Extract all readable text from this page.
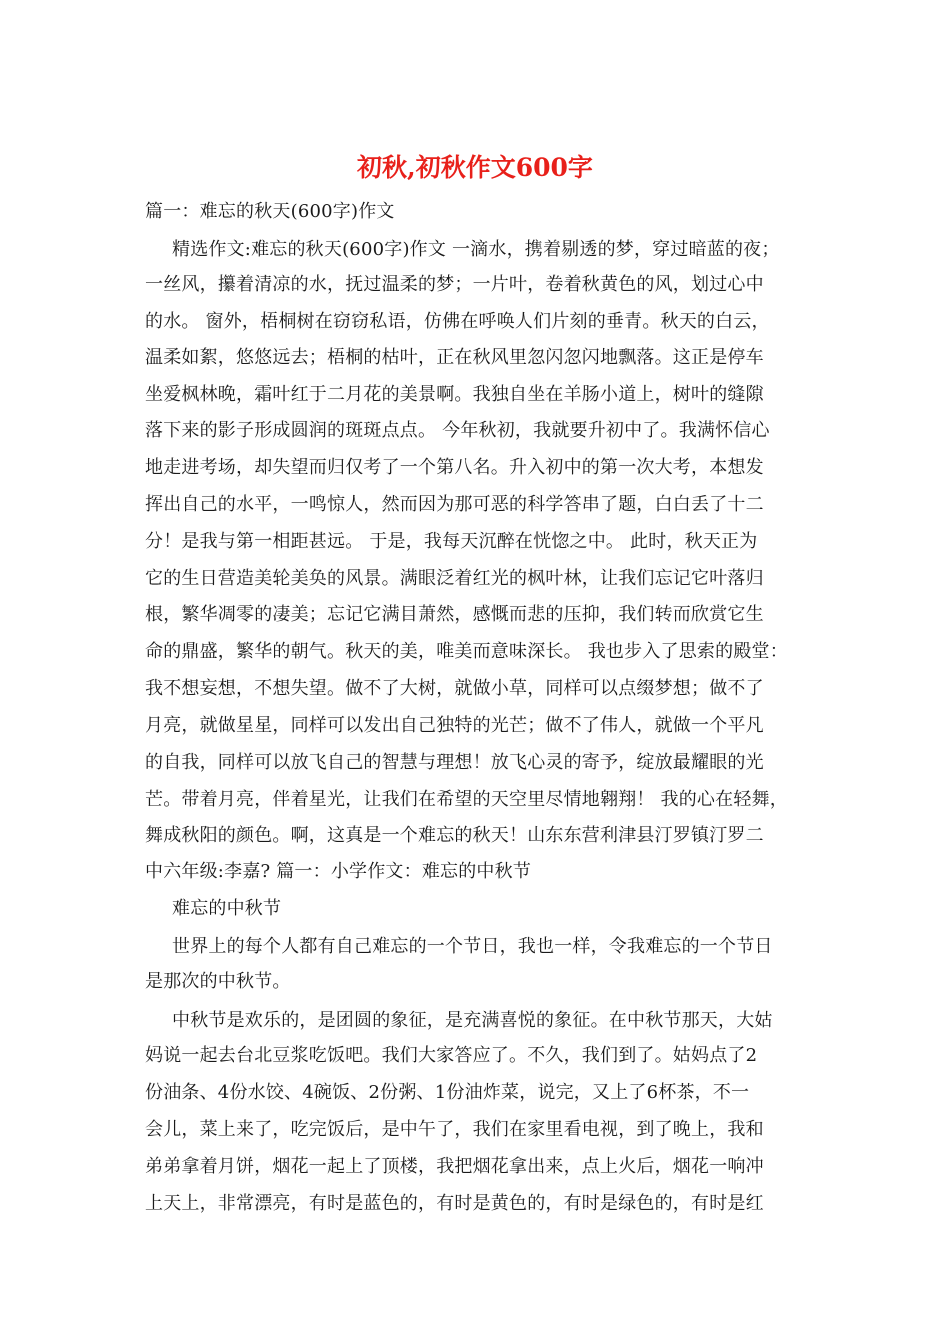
初秋,初秋作文600字
篇一：难忘的秋天(600字)作文
精选作文:难忘的秋天(600字)作文 一滴水，携着剔透的梦，穿过暗蓝的夜；
一丝风，攥着清凉的水，抚过温柔的梦；一片叶，卷着秋黄色的风，划过心中
的水。 窗外，梧桐树在窃窃私语，仿佛在呼唤人们片刻的垂青。秋天的白云，
温柔如絮，悠悠远去；梧桐的枯叶，正在秋风里忽闪忽闪地飘落。这正是停车
坐爱枫林晚，霜叶红于二月花的美景啊。我独自坐在羊肠小道上，树叶的缝隙
落下来的影子形成圆润的斑斑点点。 今年秋初，我就要升初中了。我满怀信心
地走进考场，却失望而归仅考了一个第八名。升入初中的第一次大考，本想发
挥出自己的水平，一鸣惊人，然而因为那可恶的科学答串了题，白白丢了十二
分！是我与第一相距甚远。 于是，我每天沉醉在恍惚之中。 此时，秋天正为
它的生日营造美轮美奂的风景。满眼泛着红光的枫叶林，让我们忘记它叶落归
根，繁华凋零的凄美；忘记它满目萧然，感慨而悲的压抑，我们转而欣赏它生
命的鼎盛，繁华的朝气。秋天的美，唯美而意味深长。 我也步入了思索的殿堂：
我不想妄想，不想失望。做不了大树，就做小草，同样可以点缀梦想；做不了
月亮，就做星星，同样可以发出自己独特的光芒；做不了伟人，就做一个平凡
的自我，同样可以放飞自己的智慧与理想！放飞心灵的寄予，绽放最耀眼的光
芒。带着月亮，伴着星光，让我们在希望的天空里尽情地翱翔！ 我的心在轻舞，
舞成秋阳的颜色。啊，这真是一个难忘的秋天！山东东营利津县汀罗镇汀罗二
中六年级:李嘉? 篇一：小学作文：难忘的中秋节
难忘的中秋节
世界上的每个人都有自己难忘的一个节日，我也一样，令我难忘的一个节日
是那次的中秋节。
中秋节是欢乐的，是团圆的象征，是充满喜悦的象征。在中秋节那天，大姑
妈说一起去台北豆浆吃饭吧。我们大家答应了。不久，我们到了。姑妈点了2
份油条、4份水饺、4碗饭、2份粥、1份油炸菜，说完，又上了6杯茶，不一
会儿，菜上来了，吃完饭后，是中午了，我们在家里看电视，到了晚上，我和
弟弟拿着月饼，烟花一起上了顶楼，我把烟花拿出来，点上火后，烟花一响冲
上天上，非常漂亮，有时是蓝色的，有时是黄色的，有时是绿色的，有时是红
